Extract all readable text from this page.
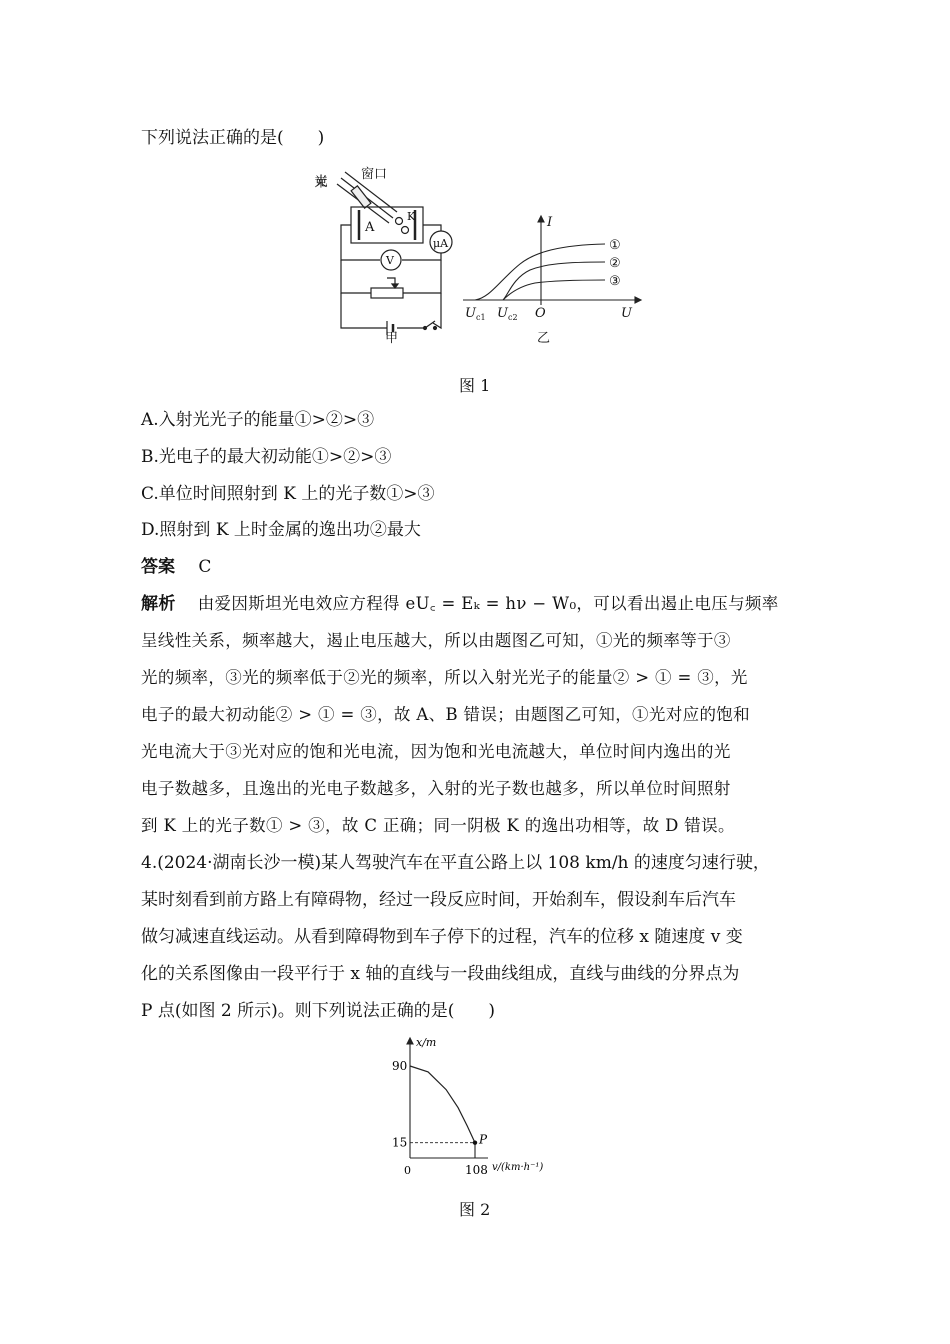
下列说法正确的是(　　)
光束	窗口
A
K
μA
V
甲
I
U
O
$U_{c1}$ $U_{c2}$
①
②
③
乙
图 1
A.入射光光子的能量①>②>③
B.光电子的最大初动能①>②>③
C.单位时间照射到 K 上的光子数①>③
D.照射到 K 上时金属的逸出功②最大
答案 C
解析 由爱因斯坦光电效应方程得 eU꜀ = Eₖ = hν − W₀，可以看出遏止电压与频率
呈线性关系，频率越大，遏止电压越大，所以由题图乙可知，①光的频率等于③
光的频率，③光的频率低于②光的频率，所以入射光光子的能量② > ① = ③，光
电子的最大初动能② > ① = ③，故 A、B 错误；由题图乙可知，①光对应的饱和
光电流大于③光对应的饱和光电流，因为饱和光电流越大，单位时间内逸出的光
电子数越多，且逸出的光电子数越多，入射的光子数也越多，所以单位时间照射
到 K 上的光子数① > ③，故 C 正确；同一阴极 K 的逸出功相等，故 D 错误。
4.(2024·湖南长沙一模)某人驾驶汽车在平直公路上以 108 km/h 的速度匀速行驶，
某时刻看到前方路上有障碍物，经过一段反应时间，开始刹车，假设刹车后汽车
做匀减速直线运动。从看到障碍物到车子停下的过程，汽车的位移 x 随速度 v 变
化的关系图像由一段平行于 x 轴的直线与一段曲线组成，直线与曲线的分界点为
P 点(如图 2 所示)。则下列说法正确的是(　　)
x/m
v/(km·h⁻¹)
0
90
15
108
P
图 2
